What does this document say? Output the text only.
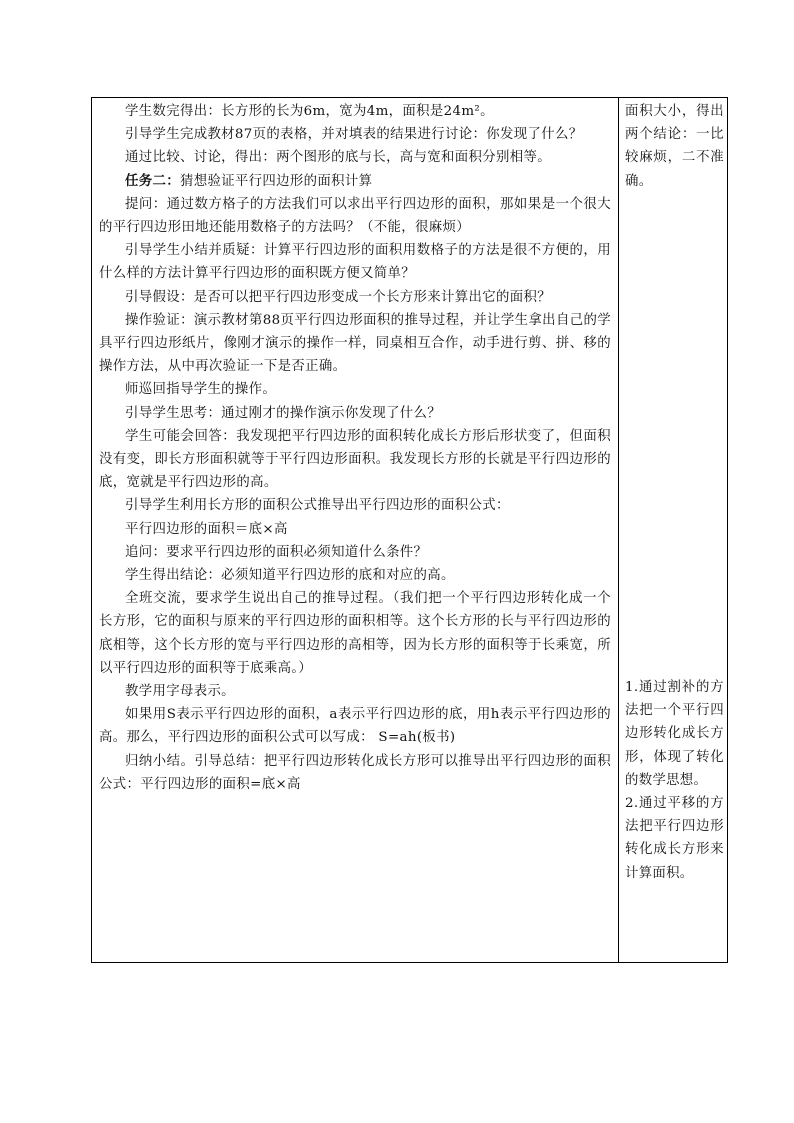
学生数完得出：长方形的长为6m，宽为4m，面积是24m²。

引导学生完成教材87页的表格，并对填表的结果进行讨论：你发现了什么？

通过比较、讨论，得出：两个图形的底与长，高与宽和面积分别相等。

任务二：猜想验证平行四边形的面积计算

提问：通过数方格子的方法我们可以求出平行四边形的面积，那如果是一个很大的平行四边形田地还能用数格子的方法吗？（不能，很麻烦）

引导学生小结并质疑：计算平行四边形的面积用数格子的方法是很不方便的，用什么样的方法计算平行四边形的面积既方便又简单？

引导假设：是否可以把平行四边形变成一个长方形来计算出它的面积？

操作验证：演示教材第88页平行四边形面积的推导过程，并让学生拿出自己的学具平行四边形纸片，像刚才演示的操作一样，同桌相互合作，动手进行剪、拼、移的操作方法，从中再次验证一下是否正确。

师巡回指导学生的操作。

引导学生思考：通过刚才的操作演示你发现了什么？

学生可能会回答：我发现把平行四边形的面积转化成长方形后形状变了，但面积没有变，即长方形面积就等于平行四边形面积。我发现长方形的长就是平行四边形的底，宽就是平行四边形的高。

引导学生利用长方形的面积公式推导出平行四边形的面积公式：

平行四边形的面积＝底×高

追问：要求平行四边形的面积必须知道什么条件？

学生得出结论：必须知道平行四边形的底和对应的高。

全班交流，要求学生说出自己的推导过程。（我们把一个平行四边形转化成一个长方形，它的面积与原来的平行四边形的面积相等。这个长方形的长与平行四边形的底相等，这个长方形的宽与平行四边形的高相等，因为长方形的面积等于长乘宽，所以平行四边形的面积等于底乘高。）

教学用字母表示。

如果用S表示平行四边形的面积，a表示平行四边形的底，用h表示平行四边形的高。那么，平行四边形的面积公式可以写成： S=ah(板书)

归纳小结。引导总结：把平行四边形转化成长方形可以推导出平行四边形的面积公式：平行四边形的面积=底×高

面积大小，得出两个结论：一比较麻烦，二不准确。

1.通过割补的方法把一个平行四边形转化成长方形，体现了转化的数学思想。

2.通过平移的方法把平行四边形转化成长方形来计算面积。
